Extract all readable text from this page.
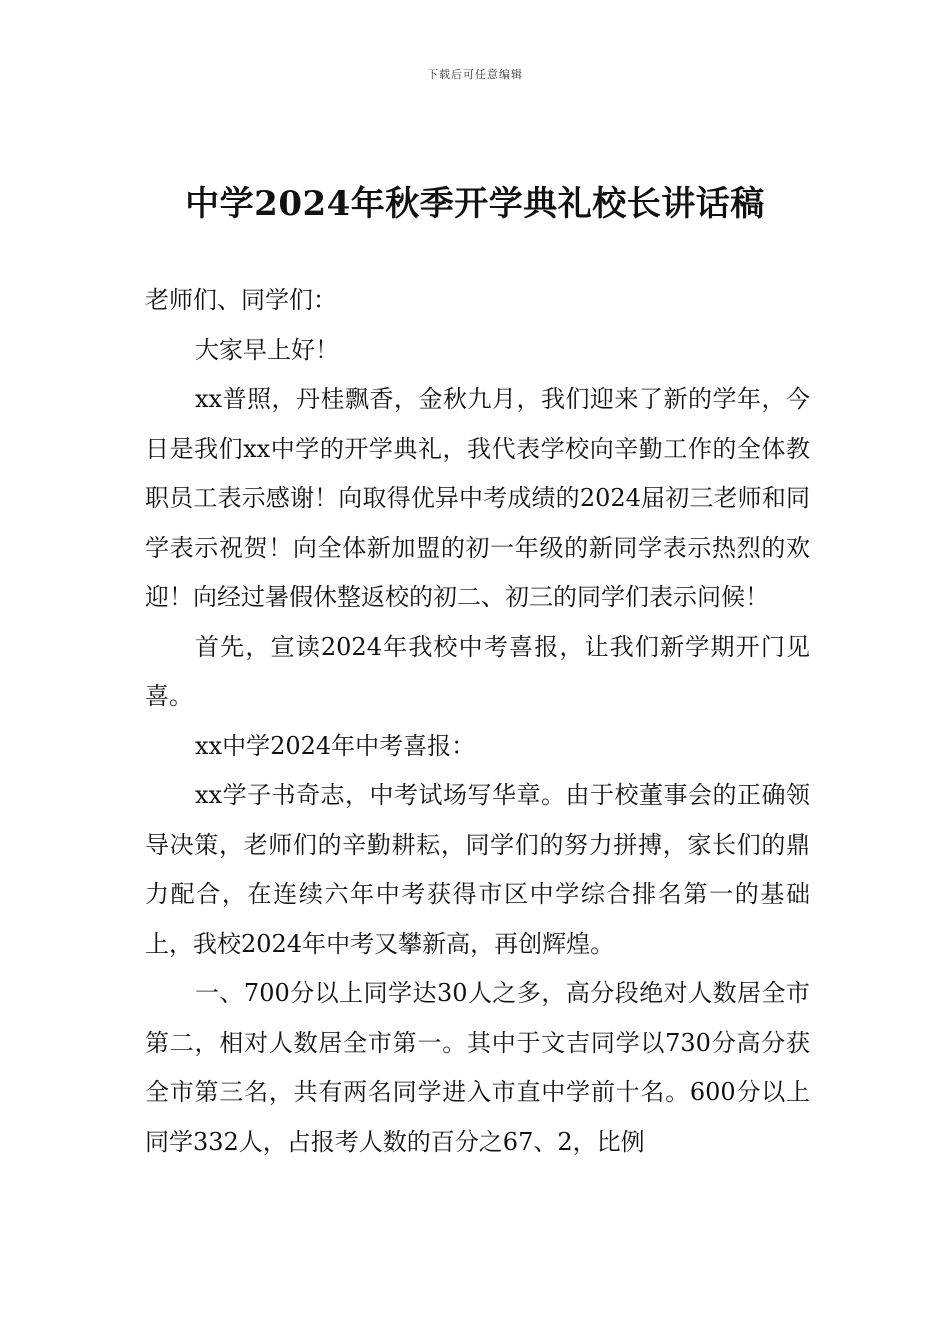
下载后可任意编辑
中学2024年秋季开学典礼校长讲话稿

老师们、同学们：

大家早上好！

xx普照，丹桂飘香，金秋九月，我们迎来了新的学年，今日是我们xx中学的开学典礼，我代表学校向辛勤工作的全体教职员工表示感谢！向取得优异中考成绩的2024届初三老师和同学表示祝贺！向全体新加盟的初一年级的新同学表示热烈的欢迎！向经过暑假休整返校的初二、初三的同学们表示问候！

首先，宣读2024年我校中考喜报，让我们新学期开门见喜。

xx中学2024年中考喜报：

xx学子书奇志，中考试场写华章。由于校董事会的正确领导决策，老师们的辛勤耕耘，同学们的努力拼搏，家长们的鼎力配合，在连续六年中考获得市区中学综合排名第一的基础上，我校2024年中考又攀新高，再创辉煌。

一、700分以上同学达30人之多，高分段绝对人数居全市第二，相对人数居全市第一。其中于文吉同学以730分高分获全市第三名，共有两名同学进入市直中学前十名。600分以上同学332人，占报考人数的百分之67、2，比例
